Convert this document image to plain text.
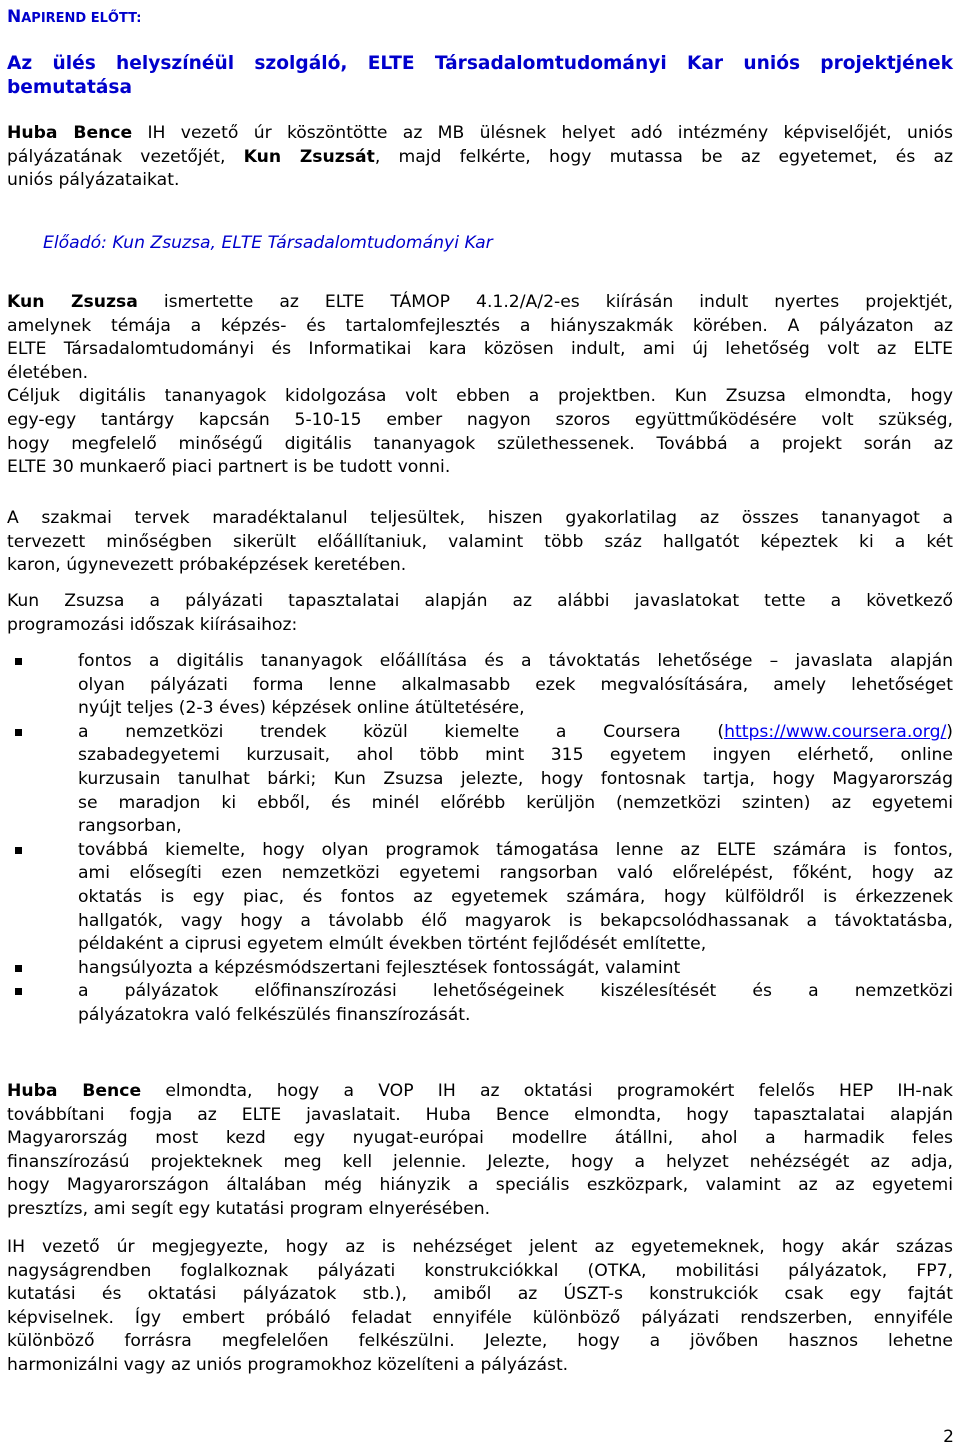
NAPIREND ELŐTT:
Az ülés helyszínéül szolgáló, ELTE Társadalomtudományi Kar uniós projektjének
bemutatása

Huba Bence IH vezető úr köszöntötte az MB ülésnek helyet adó intézmény képviselőjét, uniós
pályázatának vezetőjét, Kun Zsuzsát, majd felkérte, hogy mutassa be az egyetemet, és az
uniós pályázataikat.

Előadó: Kun Zsuzsa, ELTE Társadalomtudományi Kar

Kun Zsuzsa ismertette az ELTE TÁMOP 4.1.2/A/2-es kiírásán indult nyertes projektjét,
amelynek témája a képzés- és tartalomfejlesztés a hiányszakmák körében. A pályázaton az
ELTE Társadalomtudományi és Informatikai kara közösen indult, ami új lehetőség volt az ELTE
életében.
Céljuk digitális tananyagok kidolgozása volt ebben a projektben. Kun Zsuzsa elmondta, hogy
egy-egy tantárgy kapcsán 5-10-15 ember nagyon szoros együttműködésére volt szükség,
hogy megfelelő minőségű digitális tananyagok születhessenek. Továbbá a projekt során az
ELTE 30 munkaerő piaci partnert is be tudott vonni.

A szakmai tervek maradéktalanul teljesültek, hiszen gyakorlatilag az összes tananyagot a
tervezett minőségben sikerült előállítaniuk, valamint több száz hallgatót képeztek ki a két
karon, úgynevezett próbaképzések keretében.

Kun Zsuzsa a pályázati tapasztalatai alapján az alábbi javaslatokat tette a következő
programozási időszak kiírásaihoz:

fontos a digitális tananyagok előállítása és a távoktatás lehetősége – javaslata alapján
olyan pályázati forma lenne alkalmasabb ezek megvalósítására, amely lehetőséget
nyújt teljes (2-3 éves) képzések online átültetésére,
a nemzetközi trendek közül kiemelte a Coursera (https://www.coursera.org/)
szabadegyetemi kurzusait, ahol több mint 315 egyetem ingyen elérhető, online
kurzusain tanulhat bárki; Kun Zsuzsa jelezte, hogy fontosnak tartja, hogy Magyarország
se maradjon ki ebből, és minél előrébb kerüljön (nemzetközi szinten) az egyetemi
rangsorban,
továbbá kiemelte, hogy olyan programok támogatása lenne az ELTE számára is fontos,
ami elősegíti ezen nemzetközi egyetemi rangsorban való előrelépést, főként, hogy az
oktatás is egy piac, és fontos az egyetemek számára, hogy külföldről is érkezzenek
hallgatók, vagy hogy a távolabb élő magyarok is bekapcsolódhassanak a távoktatásba,
példaként a ciprusi egyetem elmúlt években történt fejlődését említette,
hangsúlyozta a képzésmódszertani fejlesztések fontosságát, valamint
a pályázatok előfinanszírozási lehetőségeinek kiszélesítését és a nemzetközi
pályázatokra való felkészülés finanszírozását.

Huba Bence elmondta, hogy a VOP IH az oktatási programokért felelős HEP IH-nak
továbbítani fogja az ELTE javaslatait. Huba Bence elmondta, hogy tapasztalatai alapján
Magyarország most kezd egy nyugat-európai modellre átállni, ahol a harmadik feles
finanszírozású projekteknek meg kell jelennie. Jelezte, hogy a helyzet nehézségét az adja,
hogy Magyarországon általában még hiányzik a speciális eszközpark, valamint az az egyetemi
presztízs, ami segít egy kutatási program elnyerésében.

IH vezető úr megjegyezte, hogy az is nehézséget jelent az egyetemeknek, hogy akár százas
nagyságrendben foglalkoznak pályázati konstrukciókkal (OTKA, mobilitási pályázatok, FP7,
kutatási és oktatási pályázatok stb.), amiből az ÚSZT-s konstrukciók csak egy fajtát
képviselnek. Így embert próbáló feladat ennyiféle különböző pályázati rendszerben, ennyiféle
különböző forrásra megfelelően felkészülni. Jelezte, hogy a jövőben hasznos lehetne
harmonizálni vagy az uniós programokhoz közelíteni a pályázást.

2
